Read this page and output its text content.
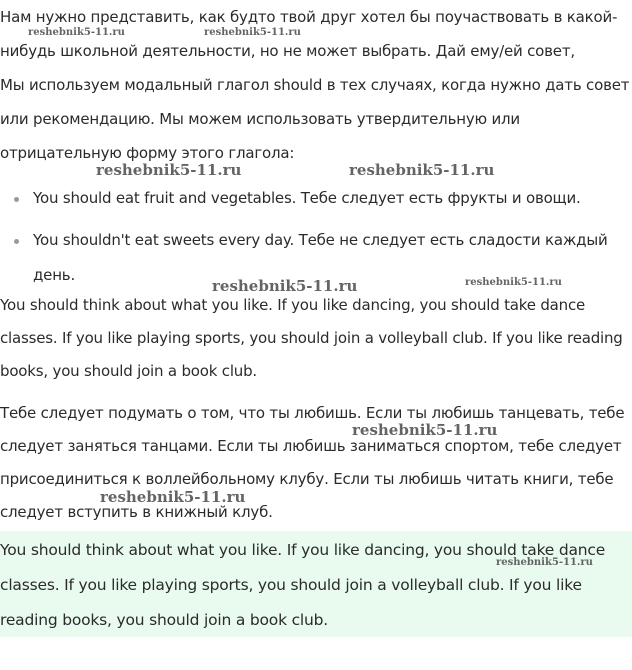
Нам нужно представить, как будто твой друг хотел бы поучаствовать в какой-
нибудь школьной деятельности, но не может выбрать. Дай ему/ей совет,
Мы используем модальный глагол should в тех случаях, когда нужно дать совет или рекомендацию. Мы можем использовать утвердительную или отрицательную форму этого глагола:

You should eat fruit and vegetables. Тебе следует есть фрукты и овощи.
You shouldn't eat sweets every day. Тебе не следует есть сладости каждый день.

You should think about what you like. If you like dancing, you should take dance classes. If you like playing sports, you should join a volleyball club. If you like reading books, you should join a book club.

Тебе следует подумать о том, что ты любишь. Если ты любишь танцевать, тебе следует заняться танцами. Если ты любишь заниматься спортом, тебе следует присоединиться к воллейбольному клубу. Если ты любишь читать книги, тебе следует вступить в книжный клуб.

You should think about what you like. If you like dancing, you should take dance classes. If you like playing sports, you should join a volleyball club. If you like reading books, you should join a book club.

reshebnik5-11.ru	reshebnik5-11.ru
reshebnik5-11.ru	reshebnik5-11.ru
reshebnik5-11.ru	reshebnik5-11.ru
reshebnik5-11.ru
reshebnik5-11.ru
reshebnik5-11.ru
